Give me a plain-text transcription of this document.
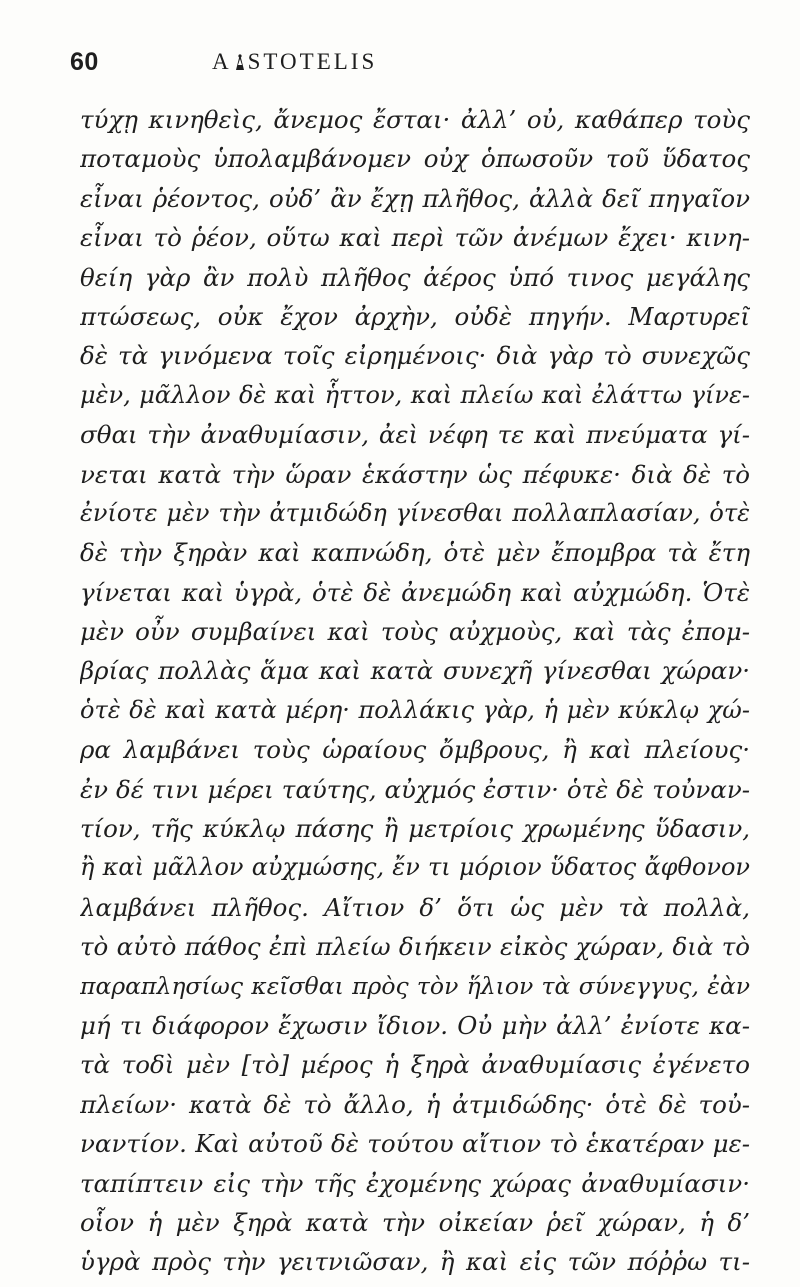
60	A STOTELIS
τύχῃ κινηθεὶς, ἄνεμος ἔσται· ἀλλ’ οὐ, καθάπερ τοὺς
ποταμοὺς ὑπολαμβάνομεν οὐχ ὁπωσοῦν τοῦ ὕδατος
εἶναι ῥέοντος, οὐδ’ ἂν ἔχῃ πλῆθος, ἀλλὰ δεῖ πηγαῖον
εἶναι τὸ ῥέον, οὕτω καὶ περὶ τῶν ἀνέμων ἔχει· κινη-
θείη γὰρ ἂν πολὺ πλῆθος ἀέρος ὑπό τινος μεγάλης
πτώσεως, οὐκ ἔχον ἀρχὴν, οὐδὲ πηγήν. Μαρτυρεῖ
δὲ τὰ γινόμενα τοῖς εἰρημένοις· διὰ γὰρ τὸ συνεχῶς
μὲν, μᾶλλον δὲ καὶ ἧττον, καὶ πλείω καὶ ἐλάττω γίνε-
σθαι τὴν ἀναθυμίασιν, ἀεὶ νέφη τε καὶ πνεύματα γί-
νεται κατὰ τὴν ὥραν ἑκάστην ὡς πέφυκε· διὰ δὲ τὸ
ἐνίοτε μὲν τὴν ἀτμιδώδη γίνεσθαι πολλαπλασίαν, ὁτὲ
δὲ τὴν ξηρὰν καὶ καπνώδη, ὁτὲ μὲν ἔπομβρα τὰ ἔτη
γίνεται καὶ ὑγρὰ, ὁτὲ δὲ ἀνεμώδη καὶ αὐχμώδη. Ὁτὲ
μὲν οὖν συμβαίνει καὶ τοὺς αὐχμοὺς, καὶ τὰς ἐπομ-
βρίας πολλὰς ἅμα καὶ κατὰ συνεχῆ γίνεσθαι χώραν·
ὁτὲ δὲ καὶ κατὰ μέρη· πολλάκις γὰρ, ἡ μὲν κύκλῳ χώ-
ρα λαμβάνει τοὺς ὡραίους ὄμβρους, ἢ καὶ πλείους·
ἐν δέ τινι μέρει ταύτης, αὐχμός ἐστιν· ὁτὲ δὲ τοὐναν-
τίον, τῆς κύκλῳ πάσης ἢ μετρίοις χρωμένης ὕδασιν,
ἢ καὶ μᾶλλον αὐχμώσης, ἔν τι μόριον ὕδατος ἄφθονον
λαμβάνει πλῆθος. Αἴτιον δ’ ὅτι ὡς μὲν τὰ πολλὰ,
τὸ αὐτὸ πάθος ἐπὶ πλείω διήκειν εἰκὸς χώραν, διὰ τὸ
παραπλησίως κεῖσθαι πρὸς τὸν ἥλιον τὰ σύνεγγυς, ἐὰν
μή τι διάφορον ἔχωσιν ἴδιον. Οὐ μὴν ἀλλ’ ἐνίοτε κα-
τὰ τοδὶ μὲν [τὸ] μέρος ἡ ξηρὰ ἀναθυμίασις ἐγένετο
πλείων· κατὰ δὲ τὸ ἄλλο, ἡ ἀτμιδώδης· ὁτὲ δὲ τοὐ-
ναντίον. Καὶ αὐτοῦ δὲ τούτου αἴτιον τὸ ἑκατέραν με-
ταπίπτειν εἰς τὴν τῆς ἐχομένης χώρας ἀναθυμίασιν·
οἷον ἡ μὲν ξηρὰ κατὰ τὴν οἰκείαν ῥεῖ χώραν, ἡ δ’
ὑγρὰ πρὸς τὴν γειτνιῶσαν, ἢ καὶ εἰς τῶν πόῤῥω τι-
